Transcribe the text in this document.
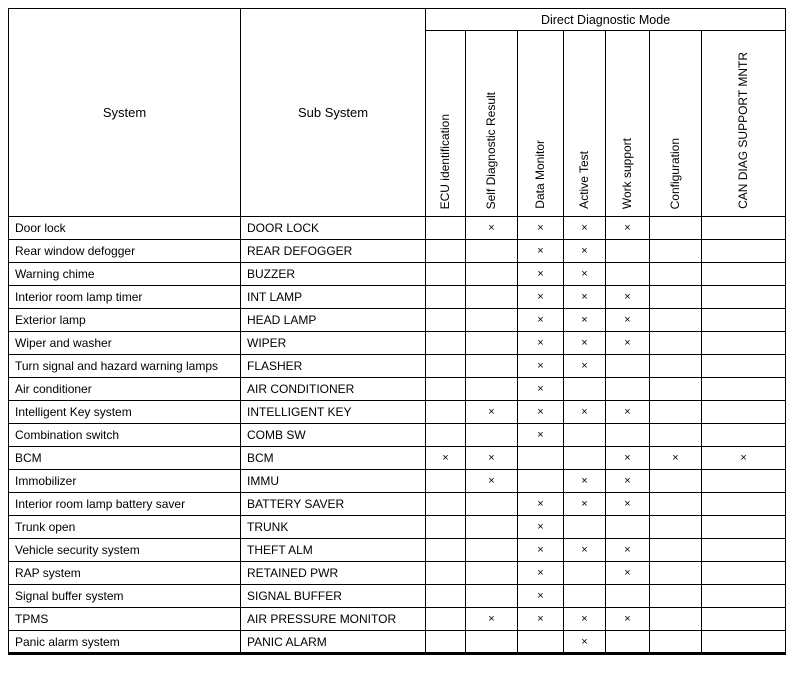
System	Sub System	Direct Diagnostic Mode						

		ECU identification	Self Diagnostic Result	Data Monitor	Active Test	Work support	Configuration	CAN DIAG SUPPORT MNTR

Door lock	DOOR LOCK		×	×	×	×		
Rear window defogger	REAR DEFOGGER			×	×			
Warning chime	BUZZER			×	×			
Interior room lamp timer	INT LAMP			×	×	×		
Exterior lamp	HEAD LAMP			×	×	×		
Wiper and washer	WIPER			×	×	×		
Turn signal and hazard warning lamps	FLASHER			×	×			
Air conditioner	AIR CONDITIONER			×				
Intelligent Key system	INTELLIGENT KEY		×	×	×	×		
Combination switch	COMB SW			×				
BCM	BCM	×	×			×	×	×
Immobilizer	IMMU		×		×	×		
Interior room lamp battery saver	BATTERY SAVER			×	×	×		
Trunk open	TRUNK			×				
Vehicle security system	THEFT ALM			×	×	×		
RAP system	RETAINED PWR			×		×		
Signal buffer system	SIGNAL BUFFER			×				
TPMS	AIR PRESSURE MONITOR		×	×	×	×		
Panic alarm system	PANIC ALARM				×			
